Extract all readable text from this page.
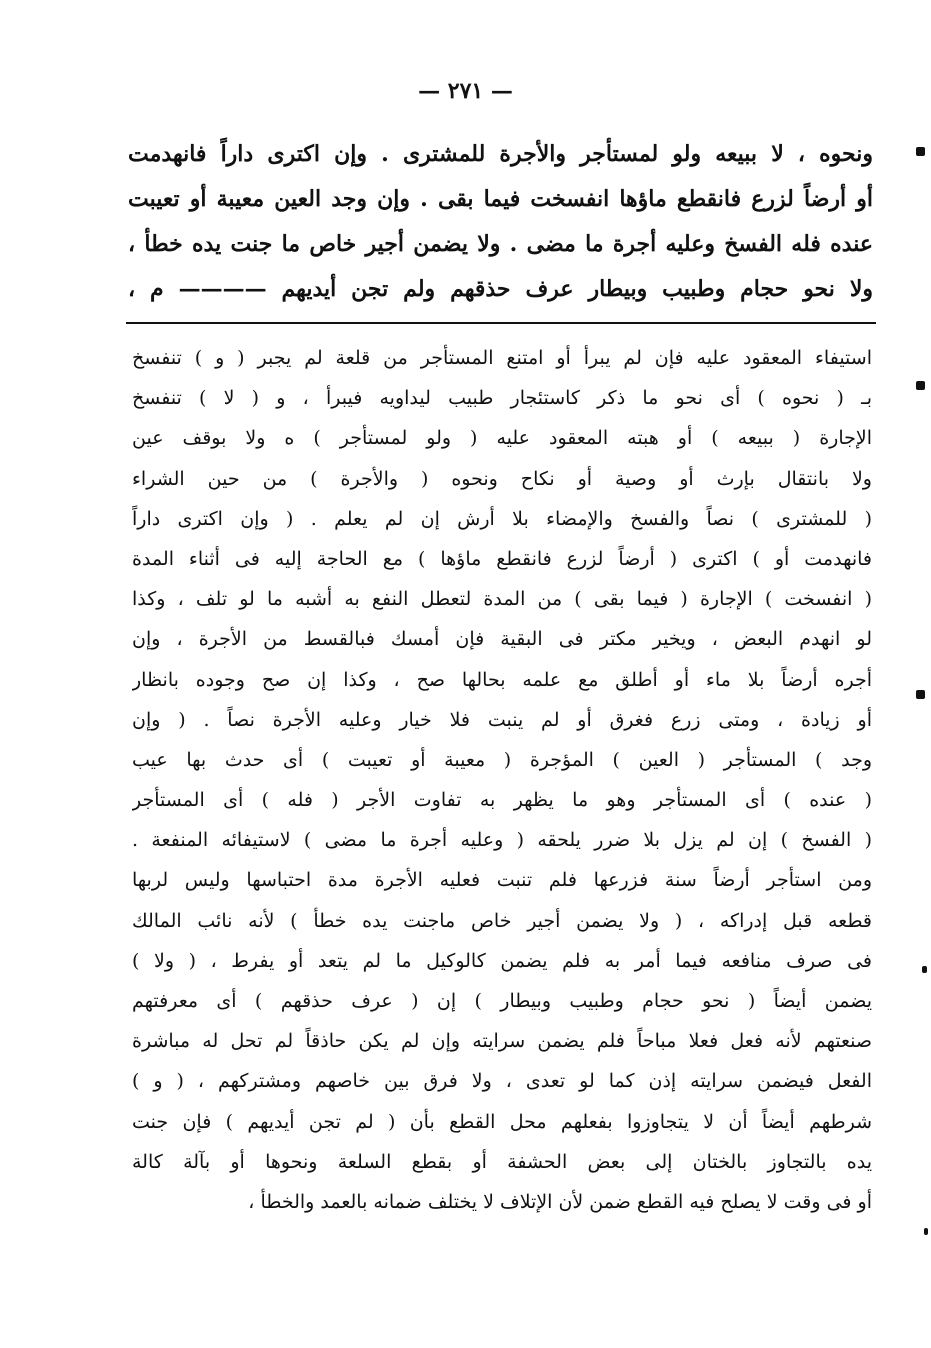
— ٢٧١ —
ونحوه ، لا ببيعه ولو لمستأجر والأجرة للمشترى . وإن اكترى داراً فانهدمت
أو أرضاً لزرع فانقطع ماؤها انفسخت فيما بقى . وإن وجد العين معيبة أو تعيبت
عنده فله الفسخ وعليه أجرة ما مضى . ولا يضمن أجير خاص ما جنت يده خطأ ،
ولا نحو حجام وطبيب وبيطار عرف حذقهم ولم تجن أيديهم ———— م ،
استيفاء المعقود عليه فإن لم يبرأ أو امتنع المستأجر من قلعة لم يجبر ( و ) تنفسخ
بـ ( نحوه ) أى نحو ما ذكر كاستئجار طبيب ليداويه فيبرأ ، و ( لا ) تنفسخ
الإجارة ( ببيعه ) أو هبته المعقود عليه ( ولو لمستأجر ) ه ولا بوقف عين
ولا بانتقال بإرث أو وصية أو نكاح ونحوه ( والأجرة ) من حين الشراء
( للمشترى ) نصاً والفسخ والإمضاء بلا أرش إن لم يعلم . ( وإن اكترى داراً
فانهدمت أو ) اكترى ( أرضاً لزرع فانقطع ماؤها ) مع الحاجة إليه فى أثناء المدة
( انفسخت ) الإجارة ( فيما بقى ) من المدة لتعطل النفع به أشبه ما لو تلف ، وكذا
لو انهدم البعض ، ويخير مكتر فى البقية فإن أمسك فبالقسط من الأجرة ، وإن
أجره أرضاً بلا ماء أو أطلق مع علمه بحالها صح ، وكذا إن صح وجوده بانظار
أو زيادة ، ومتى زرع فغرق أو لم ينبت فلا خيار وعليه الأجرة نصاً . ( وإن
وجد ) المستأجر ( العين ) المؤجرة ( معيبة أو تعيبت ) أى حدث بها عيب
( عنده ) أى المستأجر وهو ما يظهر به تفاوت الأجر ( فله ) أى المستأجر
( الفسخ ) إن لم يزل بلا ضرر يلحقه ( وعليه أجرة ما مضى ) لاستيفائه المنفعة .
ومن استأجر أرضاً سنة فزرعها فلم تنبت فعليه الأجرة مدة احتباسها وليس لربها
قطعه قبل إدراكه ، ( ولا يضمن أجير خاص ماجنت يده خطأ ) لأنه نائب المالك
فى صرف منافعه فيما أمر به فلم يضمن كالوكيل ما لم يتعد أو يفرط ، ( ولا )
يضمن أيضاً ( نحو حجام وطبيب وبيطار ) إن ( عرف حذقهم ) أى معرفتهم
صنعتهم لأنه فعل فعلا مباحاً فلم يضمن سرايته وإن لم يكن حاذقاً لم تحل له مباشرة
الفعل فيضمن سرايته إذن كما لو تعدى ، ولا فرق بين خاصهم ومشتركهم ، ( و )
شرطهم أيضاً أن لا يتجاوزوا بفعلهم محل القطع بأن ( لم تجن أيديهم ) فإن جنت
يده بالتجاوز بالختان إلى بعض الحشفة أو بقطع السلعة ونحوها أو بآلة كالة
أو فى وقت لا يصلح فيه القطع ضمن لأن الإتلاف لا يختلف ضمانه بالعمد والخطأ ،
